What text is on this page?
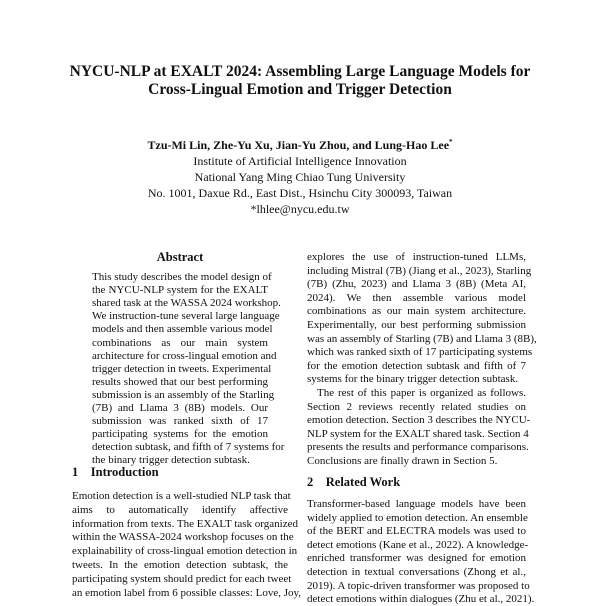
NYCU-NLP at EXALT 2024: Assembling Large Language Models for
Cross-Lingual Emotion and Trigger Detection
Tzu-Mi Lin, Zhe-Yu Xu, Jian-Yu Zhou, and Lung-Hao Lee*
Institute of Artificial Intelligence Innovation
National Yang Ming Chiao Tung University
No. 1001, Daxue Rd., East Dist., Hsinchu City 300093, Taiwan
*lhlee@nycu.edu.tw
Abstract
This study describes the model design of
the NYCU-NLP system for the EXALT
shared task at the WASSA 2024 workshop.
We instruction-tune several large language
models and then assemble various model
combinations as our main system
architecture for cross-lingual emotion and
trigger detection in tweets. Experimental
results showed that our best performing
submission is an assembly of the Starling
(7B) and Llama 3 (8B) models. Our
submission was ranked sixth of 17
participating systems for the emotion
detection subtask, and fifth of 7 systems for
the binary trigger detection subtask.
1    Introduction
Emotion detection is a well-studied NLP task that
aims to automatically identify affective
information from texts. The EXALT task organized
within the WASSA-2024 workshop focuses on the
explainability of cross-lingual emotion detection in
tweets. In the emotion detection subtask, the
participating system should predict for each tweet
an emotion label from 6 possible classes: Love, Joy,
explores the use of instruction-tuned LLMs,
including Mistral (7B) (Jiang et al., 2023), Starling
(7B) (Zhu, 2023) and Llama 3 (8B) (Meta AI,
2024). We then assemble various model
combinations as our main system architecture.
Experimentally, our best performing submission
was an assembly of Starling (7B) and Llama 3 (8B),
which was ranked sixth of 17 participating systems
for the emotion detection subtask and fifth of 7
systems for the binary trigger detection subtask.
The rest of this paper is organized as follows.
Section 2 reviews recently related studies on
emotion detection. Section 3 describes the NYCU-
NLP system for the EXALT shared task. Section 4
presents the results and performance comparisons.
Conclusions are finally drawn in Section 5.
2    Related Work
Transformer-based language models have been
widely applied to emotion detection. An ensemble
of the BERT and ELECTRA models was used to
detect emotions (Kane et al., 2022). A knowledge-
enriched transformer was designed for emotion
detection in textual conversations (Zhong et al.,
2019). A topic-driven transformer was proposed to
detect emotions within dialogues (Zhu et al., 2021).
